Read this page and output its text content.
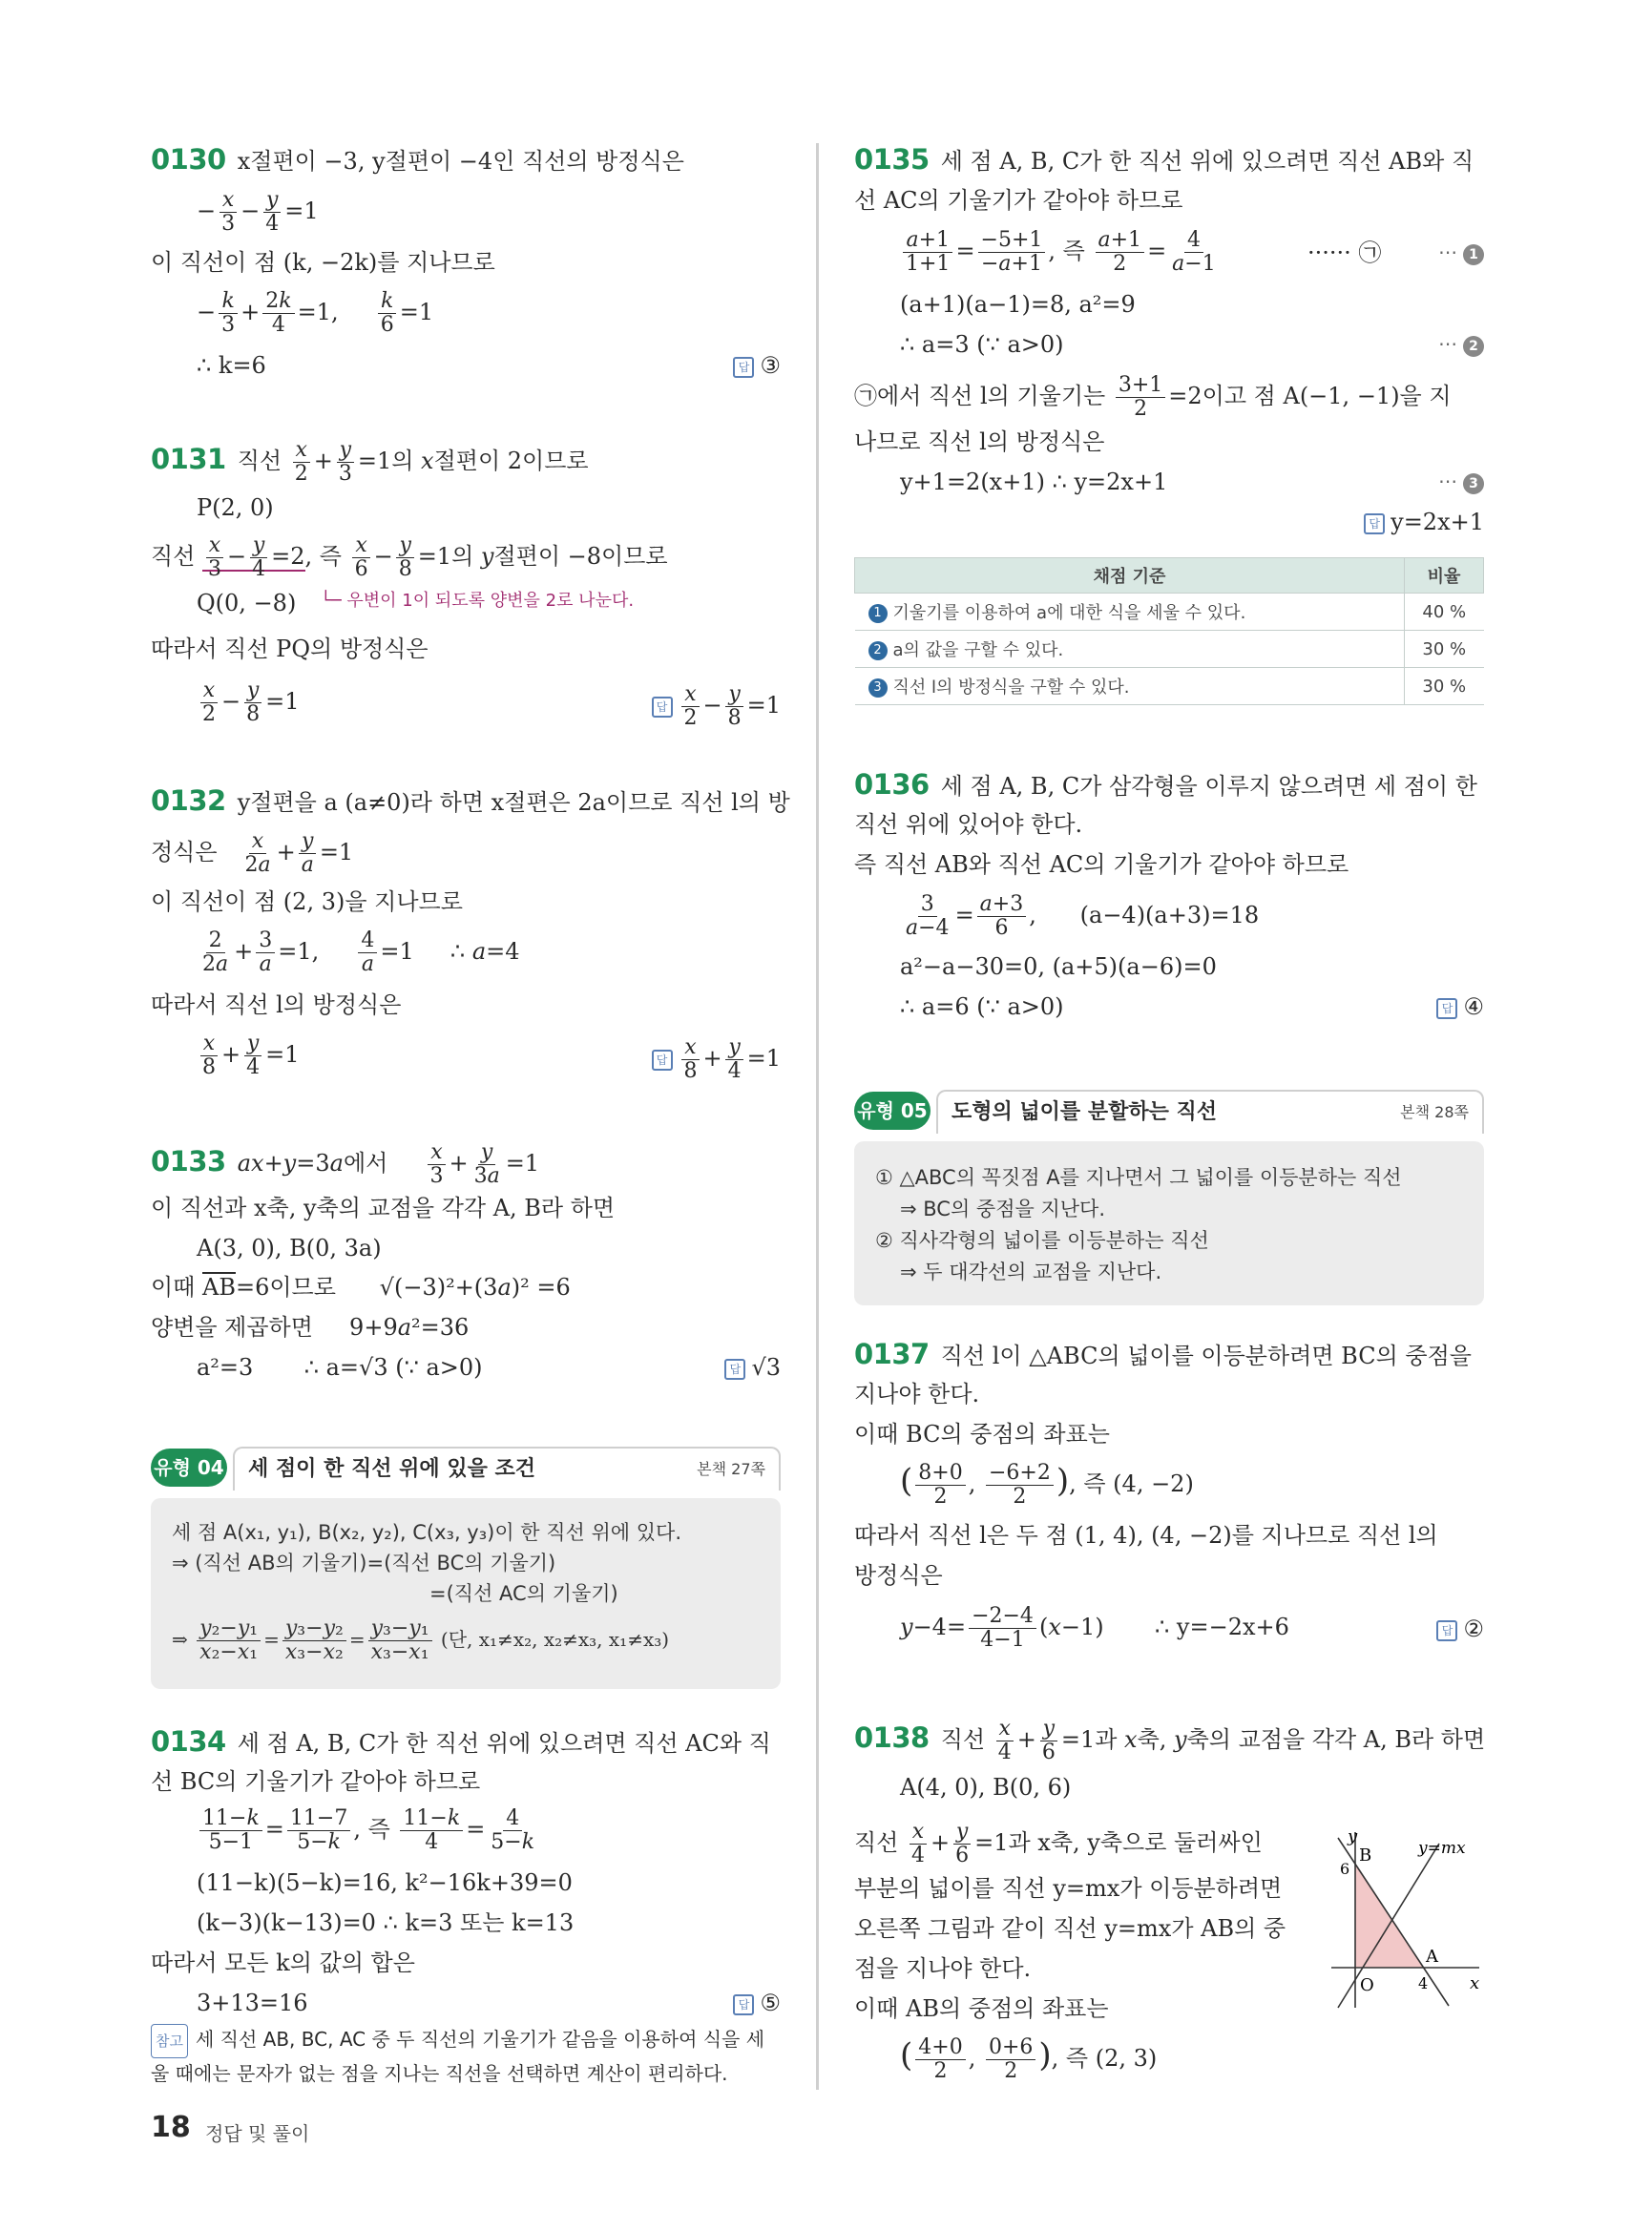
0130 x절편이 −3, y절편이 −4인 직선의 방정식은
− $\frac{x}{3} - \frac{y}{4} =1$
이 직선이 점 (k, −2k)를 지나므로
− $\frac{k}{3} + \frac{2k}{4} =1$, $\frac{k}{6} =1$
∴ k=6	답 ③
0131 직선 $\frac{x}{2} + \frac{y}{3} =1$의 x절편이 2이므로
P(2, 0)
직선 $\frac{x}{3} - \frac{y}{4} =2$, 즉 $\frac{x}{6} - \frac{y}{8} =1$의 y절편이 −8이므로
Q(0, −8) └─ 우변이 1이 되도록 양변을 2로 나눈다.
따라서 직선 PQ의 방정식은
$\frac{x}{2} - \frac{y}{8} =1$	답 $\frac{x}{2} - \frac{y}{8} =1$
0132 y절편을 a (a≠0)라 하면 x절편은 2a이므로 직선 l의 방
정식은 $\frac{x}{2a} + \frac{y}{a} =1$
이 직선이 점 (2, 3)을 지나므로
$\frac{2}{2a} + \frac{3}{a} =1$, $\frac{4}{a} =1$     ∴ a=4
따라서 직선 l의 방정식은
$\frac{x}{8} + \frac{y}{4} =1$	답 $\frac{x}{8} + \frac{y}{4} =1$
0133 ax+y=3a에서 $\frac{x}{3} + \frac{y}{3a} =1$
이 직선과 x축, y축의 교점을 각각 A, B라 하면
A(3, 0), B(0, 3a)
이때 $\overline{AB}=6$이므로      √(−3)²+(3a)² =6
양변을 제곱하면     9+9a²=36
a²=3 ∴ a=√3 (∵ a>0)	답 √3
유형 04	세 점이 한 직선 위에 있을 조건	본책 27쪽
세 점 A(x₁, y₁), B(x₂, y₂), C(x₃, y₃)이 한 직선 위에 있다.
⇒ (직선 AB의 기울기)=(직선 BC의 기울기)
=(직선 AC의 기울기)
⇒ $\frac{\text{y₂−y₁}}{\text{x₂−x₁}} = \frac{\text{y₃−y₂}}{\text{x₃−x₂}} = \frac{\text{y₃−y₁}}{\text{x₃−x₁}}$ (단, x₁≠x₂, x₂≠x₃, x₁≠x₃)
0134 세 점 A, B, C가 한 직선 위에 있으려면 직선 AC와 직
선 BC의 기울기가 같아야 하므로
$\frac{11-k}{5-1} = \frac{11-7}{5-k}$ , 즉 $\frac{11-k}{4} = \frac{4}{5-k}$
(11−k)(5−k)=16, k²−16k+39=0
(k−3)(k−13)=0 ∴ k=3 또는 k=13
따라서 모든 k의 값의 합은
3+13=16	답 ⑤
참고 세 직선 AB, BC, AC 중 두 직선의 기울기가 같음을 이용하여 식을 세
울 때에는 문자가 없는 점을 지나는 직선을 선택하면 계산이 편리하다.
0135 세 점 A, B, C가 한 직선 위에 있으려면 직선 AB와 직
선 AC의 기울기가 같아야 하므로
$\frac{a+1}{1+1} = \frac{-5+1}{-a+1}$ , 즉 $\frac{a+1}{2} = \frac{4}{a-1}$	······ ㉠	⋯ 1
(a+1)(a−1)=8, a²=9
∴ a=3 (∵ a>0)	⋯ 2
㉠에서 직선 l의 기울기는 $\frac{3+1}{2} =2$이고 점 A(−1, −1)을 지
나므로 직선 l의 방정식은
y+1=2(x+1) ∴ y=2x+1	⋯ 3
답 y=2x+1
채점 기준	비율
1 기울기를 이용하여 a에 대한 식을 세울 수 있다.	40 %
2 a의 값을 구할 수 있다.	30 %
3 직선 l의 방정식을 구할 수 있다.	30 %
0136 세 점 A, B, C가 삼각형을 이루지 않으려면 세 점이 한
직선 위에 있어야 한다.
즉 직선 AB와 직선 AC의 기울기가 같아야 하므로
$\frac{3}{a-4} = \frac{a+3}{6}$ ,      (a−4)(a+3)=18
a²−a−30=0, (a+5)(a−6)=0
∴ a=6 (∵ a>0)	답 ④
유형 05	도형의 넓이를 분할하는 직선	본책 28쪽
① △ABC의 꼭짓점 A를 지나면서 그 넓이를 이등분하는 직선
⇒ BC의 중점을 지난다.
② 직사각형의 넓이를 이등분하는 직선
⇒ 두 대각선의 교점을 지난다.
0137 직선 l이 △ABC의 넓이를 이등분하려면 BC의 중점을
지나야 한다.
이때 BC의 중점의 좌표는
( $\frac{8+0}{2}$ , $\frac{-6+2}{2}$ ), 즉 (4, −2)
따라서 직선 l은 두 점 (1, 4), (4, −2)를 지나므로 직선 l의
방정식은
$y-4= \frac{-2-4}{4-1} (x-1)$       ∴ y=−2x+6	답 ②
0138 직선 $\frac{x}{4} + \frac{y}{6} =1$과 x축, y축의 교점을 각각 A, B라 하면
A(4, 0), B(0, 6)
직선 $\frac{x}{4} + \frac{y}{6} =1$과 x축, y축으로 둘러싸인
부분의 넓이를 직선 y=mx가 이등분하려면
오른쪽 그림과 같이 직선 y=mx가 AB의 중
점을 지나야 한다.
이때 AB의 중점의 좌표는
( $\frac{4+0}{2}$ , $\frac{0+6}{2}$ ), 즉 (2, 3)
y
x
O
B
6
A
4
y=mx
18 정답 및 풀이
